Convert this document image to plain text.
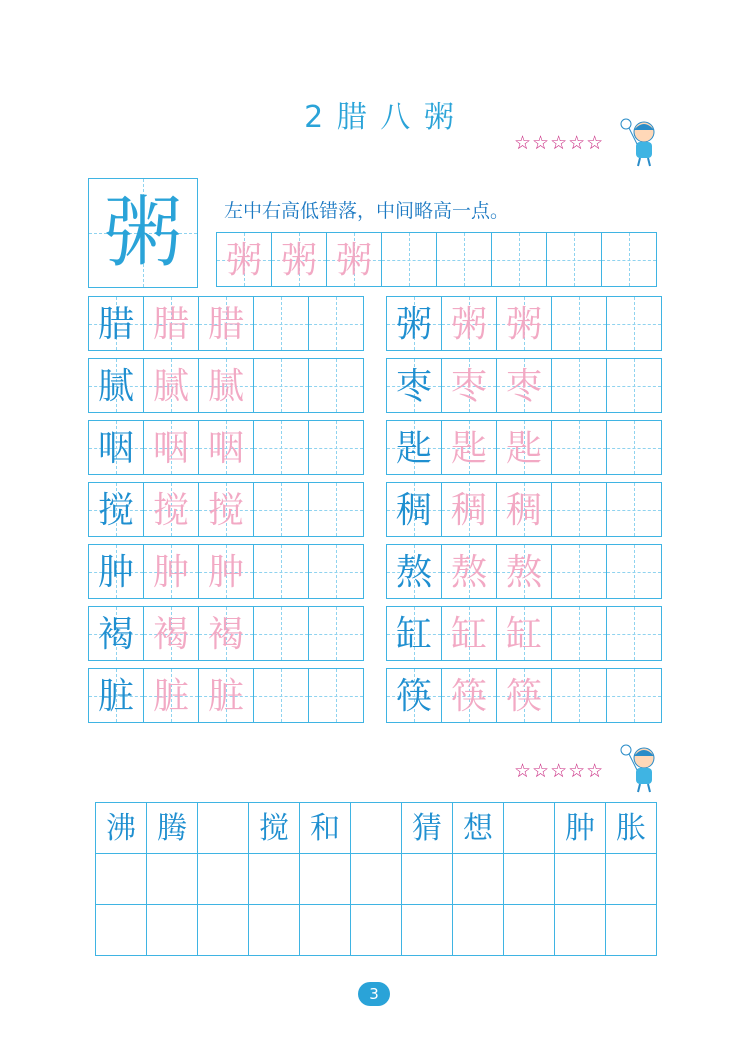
2 腊 八 粥
☆☆☆☆☆
粥	左中右高低错落，中间略高一点。
粥 粥 粥
腊 腊 腊
腻 腻 腻
咽 咽 咽
搅 搅 搅
肿 肿 肿
褐 褐 褐
脏 脏 脏
粥 粥 粥
枣 枣 枣
匙 匙 匙
稠 稠 稠
熬 熬 熬
缸 缸 缸
筷 筷 筷
☆☆☆☆☆
沸 腾	搅 和	猜 想	肿 胀
3
